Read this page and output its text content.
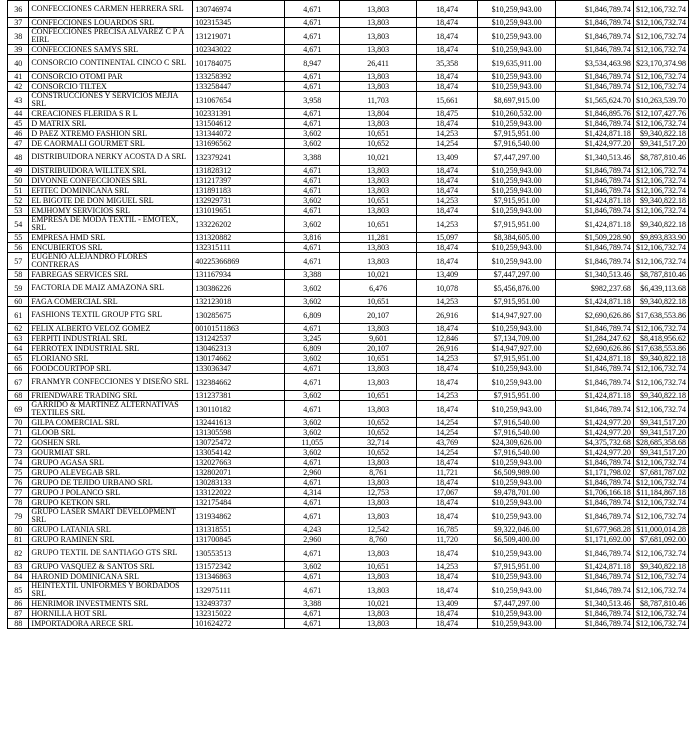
36	CONFECCIONES CARMEN HERRERA SRL	130746974	4,671	13,803	18,474	$10,259,943.00	$1,846,789.74	$12,106,732.74
37	CONFECCIONES LOUARDOS SRL	102315345	4,671	13,803	18,474	$10,259,943.00	$1,846,789.74	$12,106,732.74
38	CONFECCIONES PRECISA ALVAREZ C P A EIRL	131219071	4,671	13,803	18,474	$10,259,943.00	$1,846,789.74	$12,106,732.74
39	CONFECCIONES SAMYS SRL	102343022	4,671	13,803	18,474	$10,259,943.00	$1,846,789.74	$12,106,732.74
40	CONSORCIO CONTINENTAL CINCO C SRL	101784075	8,947	26,411	35,358	$19,635,911.00	$3,534,463.98	$23,170,374.98
41	CONSORCIO OTOMI PAR	133258392	4,671	13,803	18,474	$10,259,943.00	$1,846,789.74	$12,106,732.74
42	CONSORCIO TILTEX	133258447	4,671	13,803	18,474	$10,259,943.00	$1,846,789.74	$12,106,732.74
43	CONSTRUCCIONES Y SERVICIOS MEJIA SRL	131067654	3,958	11,703	15,661	$8,697,915.00	$1,565,624.70	$10,263,539.70
44	CREACIONES FLERIDA S R L	102331391	4,671	13,804	18,475	$10,260,532.00	$1,846,895.76	$12,107,427.76
45	D MATRIX SRL	131504612	4,671	13,803	18,474	$10,259,943.00	$1,846,789.74	$12,106,732.74
46	D PAEZ XTREMO FASHION SRL	131344072	3,602	10,651	14,253	$7,915,951.00	$1,424,871.18	$9,340,822.18
47	DE CAORMALI GOURMET SRL	131696562	3,602	10,652	14,254	$7,916,540.00	$1,424,977.20	$9,341,517.20
48	DISTRIBUIDORA NERKY ACOSTA D A SRL	132379241	3,388	10,021	13,409	$7,447,297.00	$1,340,513.46	$8,787,810.46
49	DISTRIBUIDORA WILLTEX SRL	131828312	4,671	13,803	18,474	$10,259,943.00	$1,846,789.74	$12,106,732.74
50	DIVONNE CONFECCIONES SRL	131217397	4,671	13,803	18,474	$10,259,943.00	$1,846,789.74	$12,106,732.74
51	EFITEC DOMINICANA SRL	131891183	4,671	13,803	18,474	$10,259,943.00	$1,846,789.74	$12,106,732.74
52	EL BIGOTE DE DON MIGUEL SRL	132929731	3,602	10,651	14,253	$7,915,951.00	$1,424,871.18	$9,340,822.18
53	EMJHOMY SERVICIOS SRL	131019651	4,671	13,803	18,474	$10,259,943.00	$1,846,789.74	$12,106,732.74
54	EMPRESA DE MODA TEXTIL - EMOTEX, SRL	133226202	3,602	10,651	14,253	$7,915,951.00	$1,424,871.18	$9,340,822.18
55	EMPRESA HMD SRL	131320882	3,816	11,281	15,097	$8,384,605.00	$1,509,228.90	$9,893,833.90
56	ENCUBIERTOS SRL	132315111	4,671	13,803	18,474	$10,259,943.00	$1,846,789.74	$12,106,732.74
57	EUGENIO ALEJANDRO FLORES CONTRERAS	40225366869	4,671	13,803	18,474	$10,259,943.00	$1,846,789.74	$12,106,732.74
58	FABREGAS SERVICES SRL	131167934	3,388	10,021	13,409	$7,447,297.00	$1,340,513.46	$8,787,810.46
59	FACTORIA DE MAIZ AMAZONA SRL	130386226	3,602	6,476	10,078	$5,456,876.00	$982,237.68	$6,439,113.68
60	FAGA COMERCIAL SRL	132123018	3,602	10,651	14,253	$7,915,951.00	$1,424,871.18	$9,340,822.18
61	FASHIONS TEXTIL GROUP FTG SRL	130285675	6,809	20,107	26,916	$14,947,927.00	$2,690,626.86	$17,638,553.86
62	FELIX ALBERTO VELOZ GOMEZ	00101511863	4,671	13,803	18,474	$10,259,943.00	$1,846,789.74	$12,106,732.74
63	FERPITI INDUSTRIAL SRL	131242537	3,245	9,601	12,846	$7,134,709.00	$1,284,247.62	$8,418,956.62
64	FERROTEX INDUSTRIAL SRL	130462313	6,809	20,107	26,916	$14,947,927.00	$2,690,626.86	$17,638,553.86
65	FLORIANO SRL	130174662	3,602	10,651	14,253	$7,915,951.00	$1,424,871.18	$9,340,822.18
66	FOODCOURTPOP SRL	133036347	4,671	13,803	18,474	$10,259,943.00	$1,846,789.74	$12,106,732.74
67	FRANMYR CONFECCIONES Y DISEÑO SRL	132384662	4,671	13,803	18,474	$10,259,943.00	$1,846,789.74	$12,106,732.74
68	FRIENDWARE TRADING SRL	131237381	3,602	10,651	14,253	$7,915,951.00	$1,424,871.18	$9,340,822.18
69	GARRIDO & MARTINEZ ALTERNATIVAS TEXTILES SRL	130110182	4,671	13,803	18,474	$10,259,943.00	$1,846,789.74	$12,106,732.74
70	GILPA COMERCIAL SRL	132441613	3,602	10,652	14,254	$7,916,540.00	$1,424,977.20	$9,341,517.20
71	GLOOB SRL	131305598	3,602	10,652	14,254	$7,916,540.00	$1,424,977.20	$9,341,517.20
72	GOSHEN SRL	130725472	11,055	32,714	43,769	$24,309,626.00	$4,375,732.68	$28,685,358.68
73	GOURMIAT SRL	133054142	3,602	10,652	14,254	$7,916,540.00	$1,424,977.20	$9,341,517.20
74	GRUPO AGASA SRL	132027663	4,671	13,803	18,474	$10,259,943.00	$1,846,789.74	$12,106,732.74
75	GRUPO ALEVEGAB SRL	132802071	2,960	8,761	11,721	$6,509,989.00	$1,171,798.02	$7,681,787.02
76	GRUPO DE TEJIDO URBANO SRL	130283133	4,671	13,803	18,474	$10,259,943.00	$1,846,789.74	$12,106,732.74
77	GRUPO J POLANCO SRL	133122022	4,314	12,753	17,067	$9,478,701.00	$1,706,166.18	$11,184,867.18
78	GRUPO KETKON SRL	132175484	4,671	13,803	18,474	$10,259,943.00	$1,846,789.74	$12,106,732.74
79	GRUPO LASER SMART DEVELOPMENT SRL	131934862	4,671	13,803	18,474	$10,259,943.00	$1,846,789.74	$12,106,732.74
80	GRUPO LATANIA SRL	131318551	4,243	12,542	16,785	$9,322,046.00	$1,677,968.28	$11,000,014.28
81	GRUPO RAMINEN SRL	131700845	2,960	8,760	11,720	$6,509,400.00	$1,171,692.00	$7,681,092.00
82	GRUPO TEXTIL DE SANTIAGO GTS SRL	130553513	4,671	13,803	18,474	$10,259,943.00	$1,846,789.74	$12,106,732.74
83	GRUPO VASQUEZ & SANTOS SRL	131572342	3,602	10,651	14,253	$7,915,951.00	$1,424,871.18	$9,340,822.18
84	HARONID DOMINICANA SRL	131346863	4,671	13,803	18,474	$10,259,943.00	$1,846,789.74	$12,106,732.74
85	HEINTEXTIL UNIFORMES Y BORDADOS SRL	132975111	4,671	13,803	18,474	$10,259,943.00	$1,846,789.74	$12,106,732.74
86	HENRIMOR INVESTMENTS SRL	132493737	3,388	10,021	13,409	$7,447,297.00	$1,340,513.46	$8,787,810.46
87	HORNILLA HOT SRL	132315022	4,671	13,803	18,474	$10,259,943.00	$1,846,789.74	$12,106,732.74
88	IMPORTADORA ARECE SRL	101624272	4,671	13,803	18,474	$10,259,943.00	$1,846,789.74	$12,106,732.74
